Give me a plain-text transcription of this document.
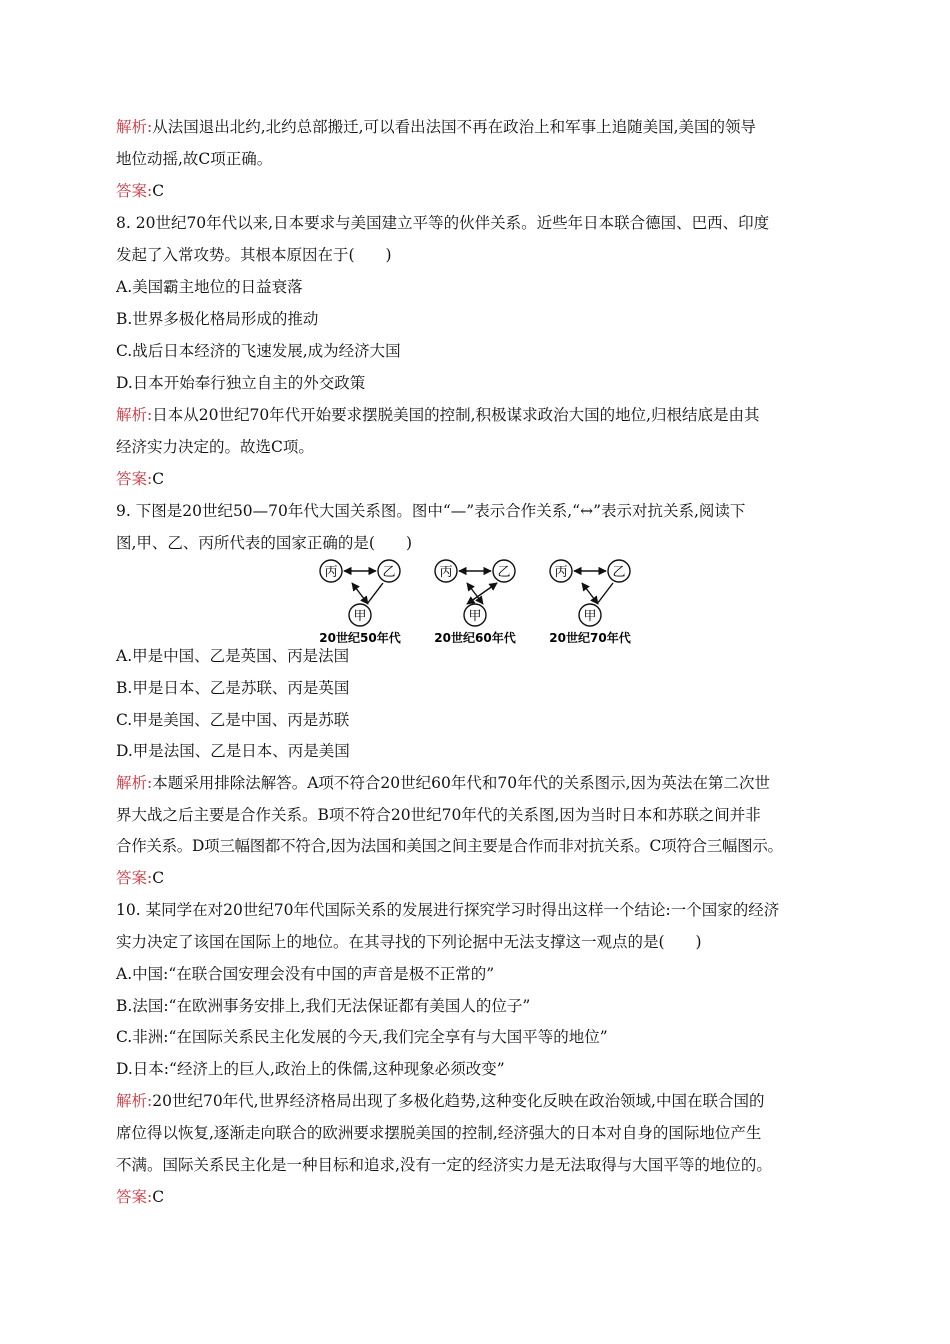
解析:从法国退出北约,北约总部搬迁,可以看出法国不再在政治上和军事上追随美国,美国的领导
地位动摇,故C项正确。
答案:C
8. 20世纪70年代以来,日本要求与美国建立平等的伙伴关系。近些年日本联合德国、巴西、印度
发起了入常攻势。其根本原因在于(　　)
A.美国霸主地位的日益衰落
B.世界多极化格局形成的推动
C.战后日本经济的飞速发展,成为经济大国
D.日本开始奉行独立自主的外交政策
解析:日本从20世纪70年代开始要求摆脱美国的控制,积极谋求政治大国的地位,归根结底是由其
经济实力决定的。故选C项。
答案:C
9. 下图是20世纪50—70年代大国关系图。图中“—”表示合作关系,“↔”表示对抗关系,阅读下
图,甲、乙、丙所代表的国家正确的是(　　)
丙	乙
甲
20世纪50年代
丙	乙
甲
20世纪60年代
丙	乙
甲
20世纪70年代
A.甲是中国、乙是英国、丙是法国
B.甲是日本、乙是苏联、丙是英国
C.甲是美国、乙是中国、丙是苏联
D.甲是法国、乙是日本、丙是美国
解析:本题采用排除法解答。A项不符合20世纪60年代和70年代的关系图示,因为英法在第二次世
界大战之后主要是合作关系。B项不符合20世纪70年代的关系图,因为当时日本和苏联之间并非
合作关系。D项三幅图都不符合,因为法国和美国之间主要是合作而非对抗关系。C项符合三幅图示。
答案:C
10. 某同学在对20世纪70年代国际关系的发展进行探究学习时得出这样一个结论:一个国家的经济
实力决定了该国在国际上的地位。在其寻找的下列论据中无法支撑这一观点的是(　　)
A.中国:“在联合国安理会没有中国的声音是极不正常的”
B.法国:“在欧洲事务安排上,我们无法保证都有美国人的位子”
C.非洲:“在国际关系民主化发展的今天,我们完全享有与大国平等的地位”
D.日本:“经济上的巨人,政治上的侏儒,这种现象必须改变”
解析:20世纪70年代,世界经济格局出现了多极化趋势,这种变化反映在政治领域,中国在联合国的
席位得以恢复,逐渐走向联合的欧洲要求摆脱美国的控制,经济强大的日本对自身的国际地位产生
不满。国际关系民主化是一种目标和追求,没有一定的经济实力是无法取得与大国平等的地位的。
答案:C
